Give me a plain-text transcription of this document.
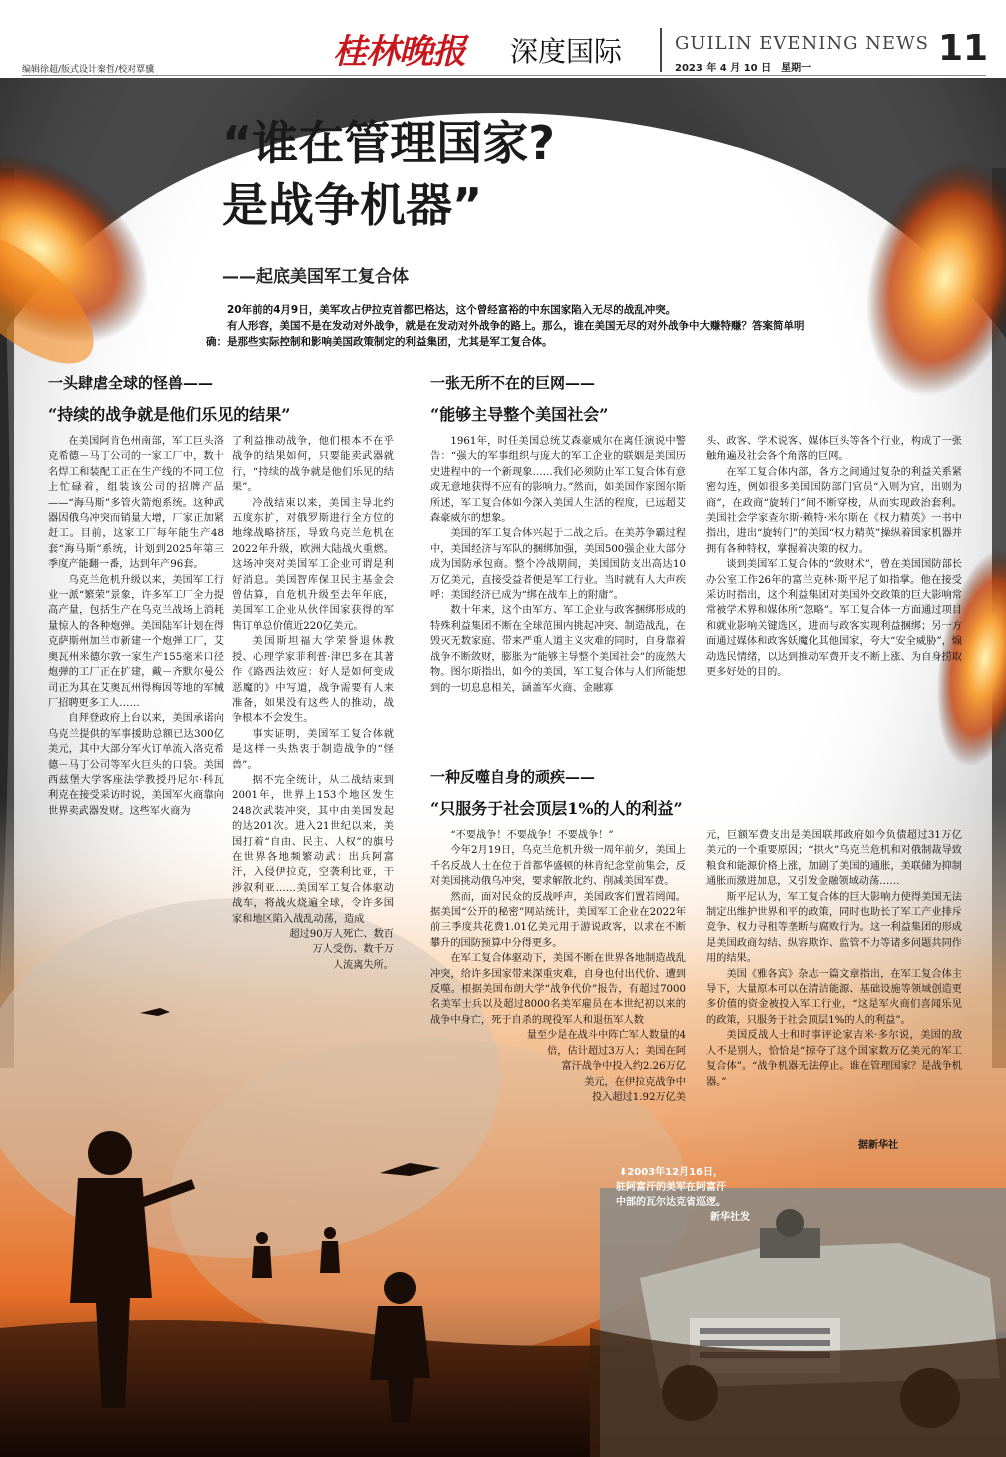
编辑徐超/版式设计秦哲/校对覃骥	桂林晚报 深度国际	GUILIN EVENING NEWS
2023 年 4 月 10 日　星期一	11
“谁在管理国家?
是战争机器”
——起底美国军工复合体

20年前的4月9日，美军攻占伊拉克首都巴格达，这个曾经富裕的中东国家陷入无尽的战乱冲突。

有人形容，美国不是在发动对外战争，就是在发动对外战争的路上。那么，谁在美国无尽的对外战争中大赚特赚？答案简单明确：是那些实际控制和影响美国政策制定的利益集团，尤其是军工复合体。

一头肆虐全球的怪兽——
“持续的战争就是他们乐见的结果”

在美国阿肯色州南部，军工巨头洛克希德－马丁公司的一家工厂中，数十名焊工和装配工正在生产线的不同工位上忙碌着，组装该公司的招牌产品——“海马斯”多管火箭炮系统。这种武器因俄乌冲突而销量大增，厂家正加紧赶工。目前，这家工厂每年能生产48套“海马斯”系统，计划到2025年第三季度产能翻一番，达到年产96套。

乌克兰危机升级以来，美国军工行业一派“繁荣”景象，许多军工厂全力提高产量，包括生产在乌克兰战场上消耗量惊人的各种炮弹。美国陆军计划在得克萨斯州加兰市新建一个炮弹工厂，艾奥瓦州米德尔敦一家生产155毫米口径炮弹的工厂正在扩建，戴－齐默尔曼公司正为其在艾奥瓦州得梅因等地的军械厂招聘更多工人……

自拜登政府上台以来，美国承诺向乌克兰提供的军事援助总额已达300亿美元，其中大部分军火订单流入洛克希德－马丁公司等军火巨头的口袋。美国西兹堡大学客座法学教授丹尼尔·科瓦利克在接受采访时说，美国军火商靠向世界卖武器发财。这些军火商为

了利益推动战争，他们根本不在乎战争的结果如何，只要能卖武器就行，“持续的战争就是他们乐见的结果”。

冷战结束以来，美国主导北约五度东扩，对俄罗斯进行全方位的地缘战略挤压，导致乌克兰危机在2022年升级，欧洲大陆战火重燃。这场冲突对美国军工企业可谓是利好消息。美国智库保卫民主基金会曾估算，自危机升级至去年年底，美国军工企业从伙伴国家获得的军售订单总价值近220亿美元。

美国斯坦福大学荣誉退休教授、心理学家菲利普·津巴多在其著作《路西法效应：好人是如何变成恶魔的》中写道，战争需要有人来准备，如果没有这些人的推动，战争根本不会发生。

事实证明，美国军工复合体就是这样一头热衷于制造战争的“怪兽”。

据不完全统计，从二战结束到2001年，世界上153个地区发生248次武装冲突，其中由美国发起的达201次。进入21世纪以来，美国打着“自由、民主、人权”的旗号在世界各地频繁动武：出兵阿富汗，入侵伊拉克，空袭利比亚，干涉叙利亚……美国军工复合体驱动战车，将战火烧遍全球，令许多国家和地区陷入战乱动荡，造成

超过90万人死亡、数百

万人受伤、数千万

人流离失所。

一张无所不在的巨网——
“能够主导整个美国社会”

1961年，时任美国总统艾森豪威尔在离任演说中警告：“强大的军事组织与庞大的军工企业的联姻是美国历史进程中的一个新现象……我们必须防止军工复合体有意或无意地获得不应有的影响力。”然而，如美国作家图尔斯所述，军工复合体如今深入美国人生活的程度，已远超艾森豪威尔的想象。

美国的军工复合体兴起于二战之后。在美苏争霸过程中，美国经济与军队的捆绑加强，美国500强企业大部分成为国防承包商。整个冷战期间，美国国防支出高达10万亿美元，直接受益者便是军工行业。当时就有人大声疾呼：美国经济已成为“绑在战车上的附庸”。

数十年来，这个由军方、军工企业与政客捆绑形成的特殊利益集团不断在全球范围内挑起冲突、制造战乱，在毁灭无数家庭、带来严重人道主义灾难的同时，自身靠着战争不断敛财，膨胀为“能够主导整个美国社会”的庞然大物。图尔斯指出，如今的美国，军工复合体与人们所能想到的一切息息相关，涵盖军火商、金融寡

头、政客、学术说客、媒体巨头等各个行业，构成了一张触角遍及社会各个角落的巨网。

在军工复合体内部，各方之间通过复杂的利益关系紧密勾连，例如很多美国国防部门官员“入则为官，出则为商”，在政商“旋转门”间不断穿梭，从而实现政治套利。美国社会学家查尔斯·赖特·米尔斯在《权力精英》一书中指出，进出“旋转门”的美国“权力精英”操纵着国家机器并拥有各种特权，掌握着决策的权力。

谈到美国军工复合体的“敛财术”，曾在美国国防部长办公室工作26年的富兰克林·斯平尼了如指掌。他在接受采访时指出，这个利益集团对美国外交政策的巨大影响常常被学术界和媒体所“忽略”。军工复合体一方面通过项目和就业影响关键选区，进而与政客实现利益捆绑；另一方面通过媒体和政客妖魔化其他国家，夸大“安全威胁”，煽动选民情绪，以达到推动军费开支不断上涨、为自身捞取更多好处的目的。

一种反噬自身的顽疾——
“只服务于社会顶层1%的人的利益”

“不要战争！不要战争！不要战争！”

今年2月19日，乌克兰危机升级一周年前夕，美国上千名反战人士在位于首都华盛顿的林肯纪念堂前集会，反对美国挑动俄乌冲突，要求解散北约、削减美国军费。

然而，面对民众的反战呼声，美国政客们置若罔闻。据美国“公开的秘密”网站统计，美国军工企业在2022年前三季度共花费1.01亿美元用于游说政客，以求在不断攀升的国防预算中分得更多。

在军工复合体驱动下，美国不断在世界各地制造战乱冲突，给许多国家带来深重灾难，自身也付出代价、遭到反噬。根据美国布朗大学“战争代价”报告，有超过7000名美军士兵以及超过8000名美军雇员在本世纪初以来的战争中身亡，死于自杀的现役军人和退伍军人数

量至少是在战斗中阵亡军人数量的4

倍，估计超过3万人；美国在阿

富汗战争中投入约2.26万亿

美元，在伊拉克战争中

投入超过1.92万亿美

元，巨额军费支出是美国联邦政府如今负债超过31万亿美元的一个重要原因；“拱火”乌克兰危机和对俄制裁导致粮食和能源价格上涨，加剧了美国的通胀，美联储为抑制通胀而激进加息，又引发金融领域动荡……

斯平尼认为，军工复合体的巨大影响力使得美国无法制定出维护世界和平的政策，同时也助长了军工产业排斥竞争、权力寻租等垄断与腐败行为。这一利益集团的形成是美国政商勾结、纵容欺诈、监管不力等诸多问题共同作用的结果。

美国《雅各宾》杂志一篇文章指出，在军工复合体主导下，大量原本可以在清洁能源、基础设施等领域创造更多价值的资金被投入军工行业，“这是军火商们喜闻乐见的政策，只服务于社会顶层1%的人的利益”。

美国反战人士和时事评论家吉米·多尔说，美国的敌人不是别人，恰恰是“掠夺了这个国家数万亿美元的军工复合体”。“战争机器无法停止。谁在管理国家？是战争机器。”

据新华社
⬇2003年12月16日，
驻阿富汗的美军在阿富汗
中部的瓦尔达克省巡逻。
新华社发
